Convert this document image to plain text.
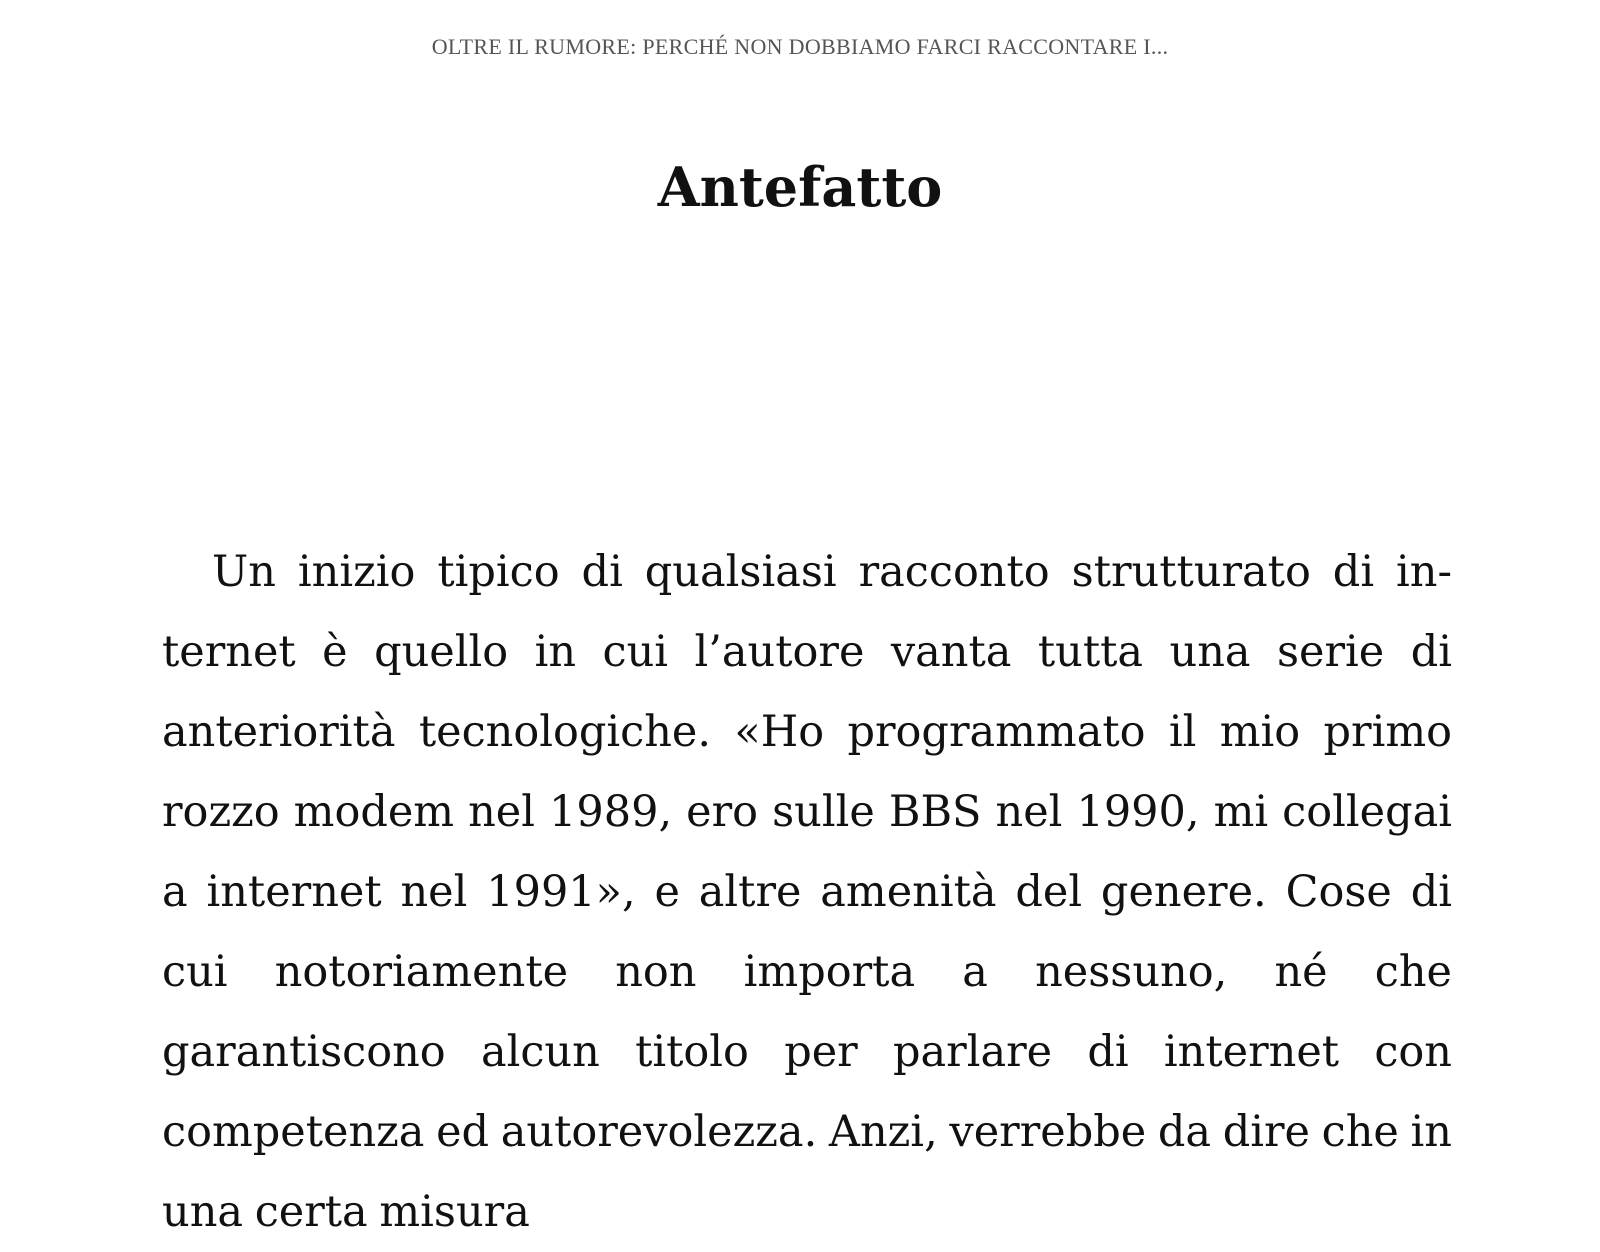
OLTRE IL RUMORE: PERCHÉ NON DOBBIAMO FARCI RACCONTARE I...
Antefatto

Un inizio tipico di qualsiasi racconto strutturato di internet è quello in cui l’autore vanta tutta una serie di anteriorità tecnologiche. «Ho programmato il mio primo rozzo modem nel 1989, ero sulle BBS nel 1990, mi collegai a internet nel 1991», e altre amenità del genere. Cose di cui notoriamente non importa a nessuno, né che garantiscono alcun titolo per parlare di internet con competenza ed autorevolezza. Anzi, verrebbe da dire che in una certa misura
